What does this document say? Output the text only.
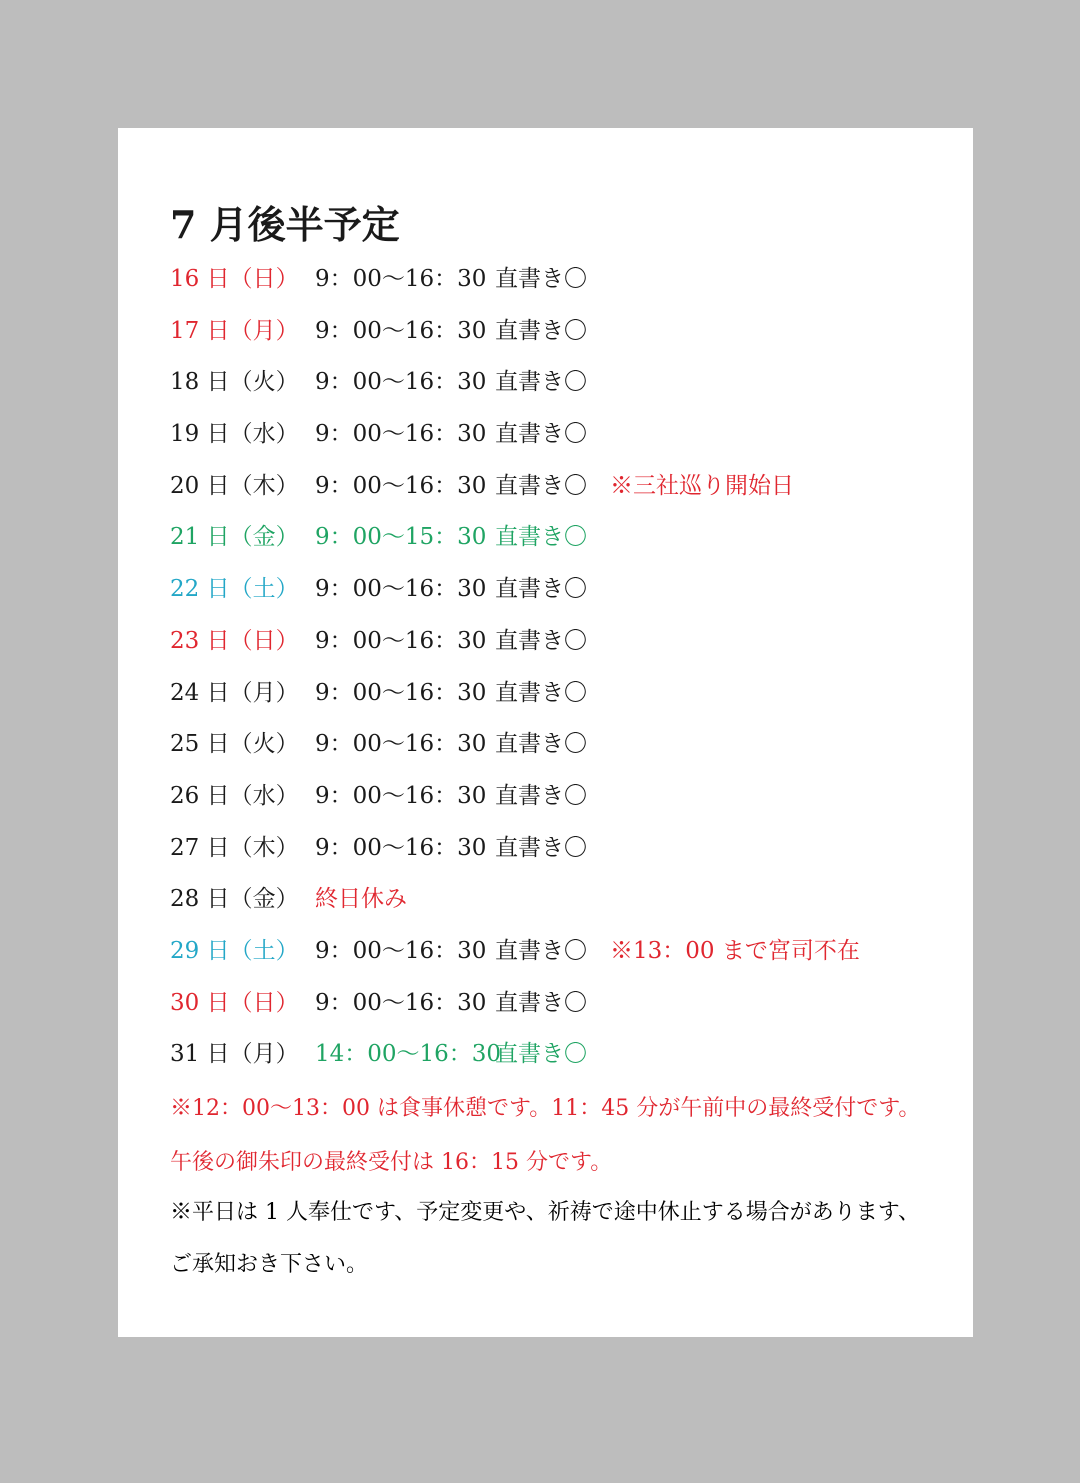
7 月後半予定
16 日（日） 9：00～16：30 直書き〇
17 日（月） 9：00～16：30 直書き〇
18 日（火） 9：00～16：30 直書き〇
19 日（水） 9：00～16：30 直書き〇
20 日（木） 9：00～16：30 直書き〇 ※三社巡り開始日
21 日（金） 9：00～15：30 直書き〇
22 日（土） 9：00～16：30 直書き〇
23 日（日） 9：00～16：30 直書き〇
24 日（月） 9：00～16：30 直書き〇
25 日（火） 9：00～16：30 直書き〇
26 日（水） 9：00～16：30 直書き〇
27 日（木） 9：00～16：30 直書き〇
28 日（金） 終日休み
29 日（土） 9：00～16：30 直書き〇 ※13：00 まで宮司不在
30 日（日） 9：00～16：30 直書き〇
31 日（月） 14：00～16：30
直書き〇
※12：00～13：00 は食事休憩です。11：45 分が午前中の最終受付です。
午後の御朱印の最終受付は 16：15 分です。
※平日は 1 人奉仕です、予定変更や、祈祷で途中休止する場合があります、
ご承知おき下さい。
